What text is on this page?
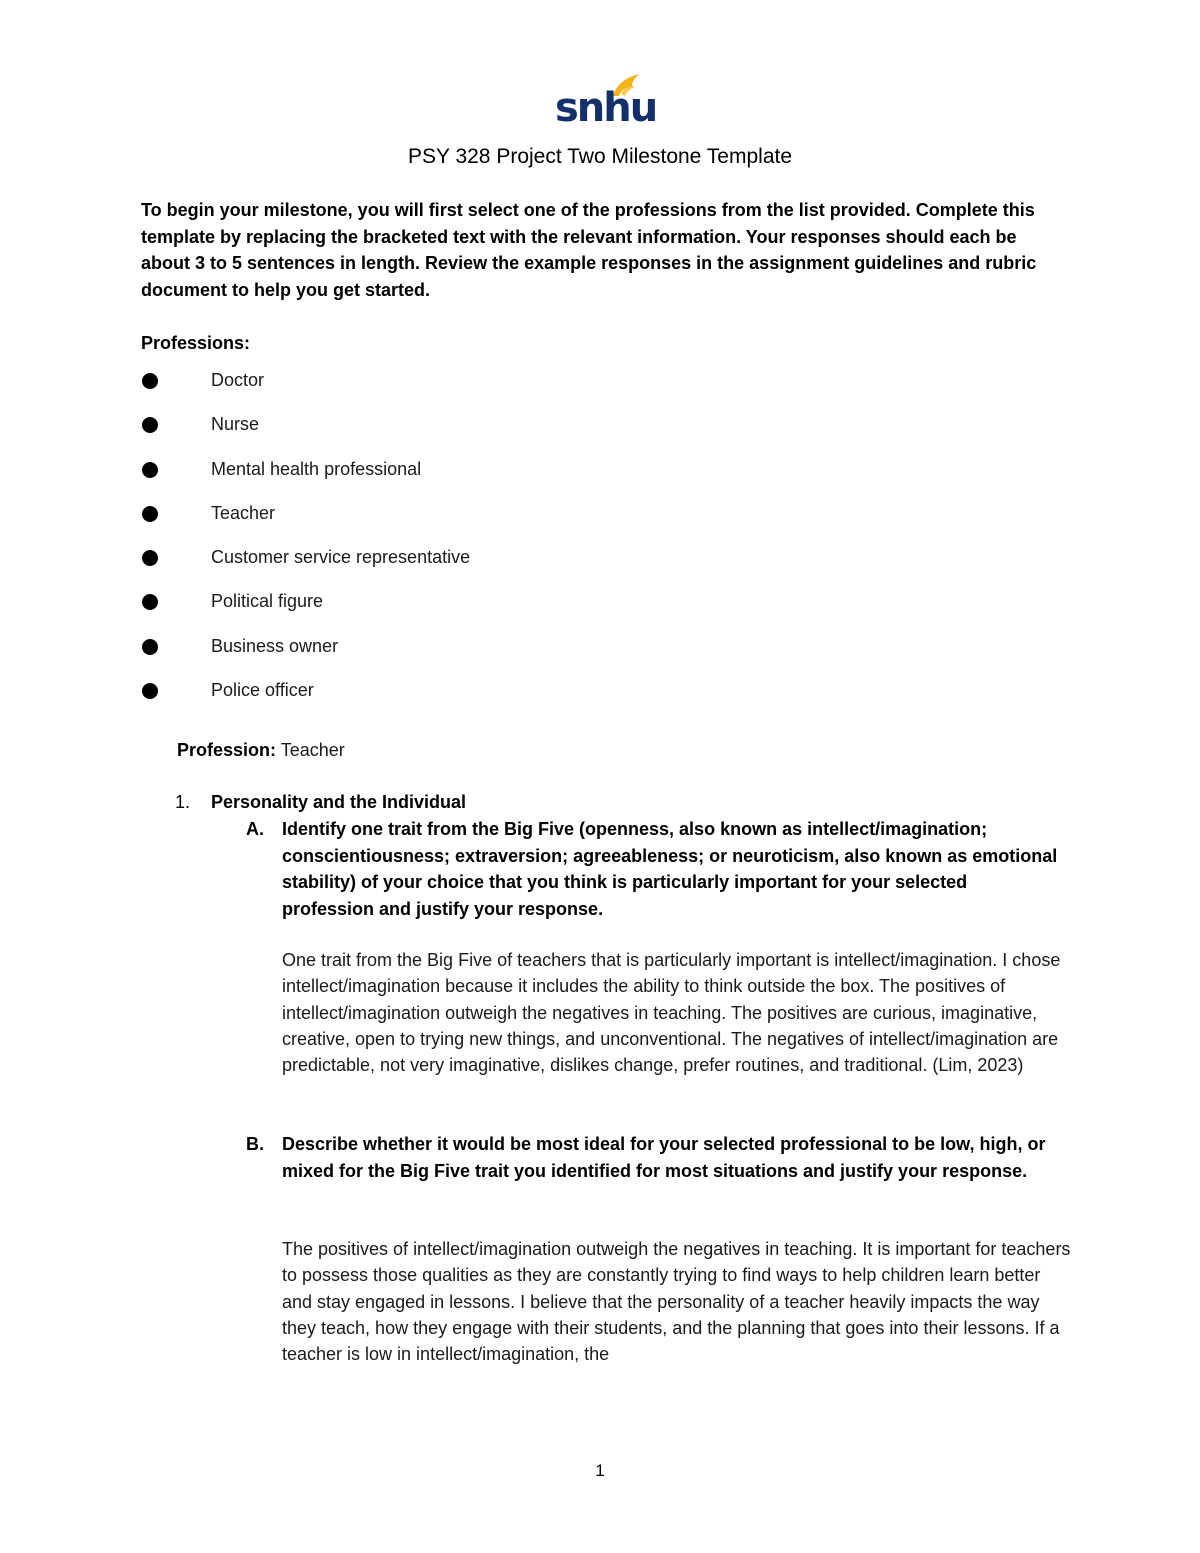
snhu
PSY 328 Project Two Milestone Template
To begin your milestone, you will first select one of the professions from the list provided. Complete this template by replacing the bracketed text with the relevant information. Your responses should each be about 3 to 5 sentences in length. Review the example responses in the assignment guidelines and rubric document to help you get started.
Professions:
Doctor
Nurse
Mental health professional
Teacher
Customer service representative
Political figure
Business owner
Police officer
Profession: Teacher
1. Personality and the Individual
A. Identify one trait from the Big Five (openness, also known as intellect/imagination; conscientiousness; extraversion; agreeableness; or neuroticism, also known as emotional stability) of your choice that you think is particularly important for your selected profession and justify your response.
One trait from the Big Five of teachers that is particularly important is intellect/imagination. I chose intellect/imagination because it includes the ability to think outside the box. The positives of intellect/imagination outweigh the negatives in teaching. The positives are curious, imaginative, creative, open to trying new things, and unconventional. The negatives of intellect/imagination are predictable, not very imaginative, dislikes change, prefer routines, and traditional. (Lim, 2023)
B. Describe whether it would be most ideal for your selected professional to be low, high, or mixed for the Big Five trait you identified for most situations and justify your response.
The positives of intellect/imagination outweigh the negatives in teaching. It is important for teachers to possess those qualities as they are constantly trying to find ways to help children learn better and stay engaged in lessons. I believe that the personality of a teacher heavily impacts the way they teach, how they engage with their students, and the planning that goes into their lessons. If a teacher is low in intellect/imagination, the
1
